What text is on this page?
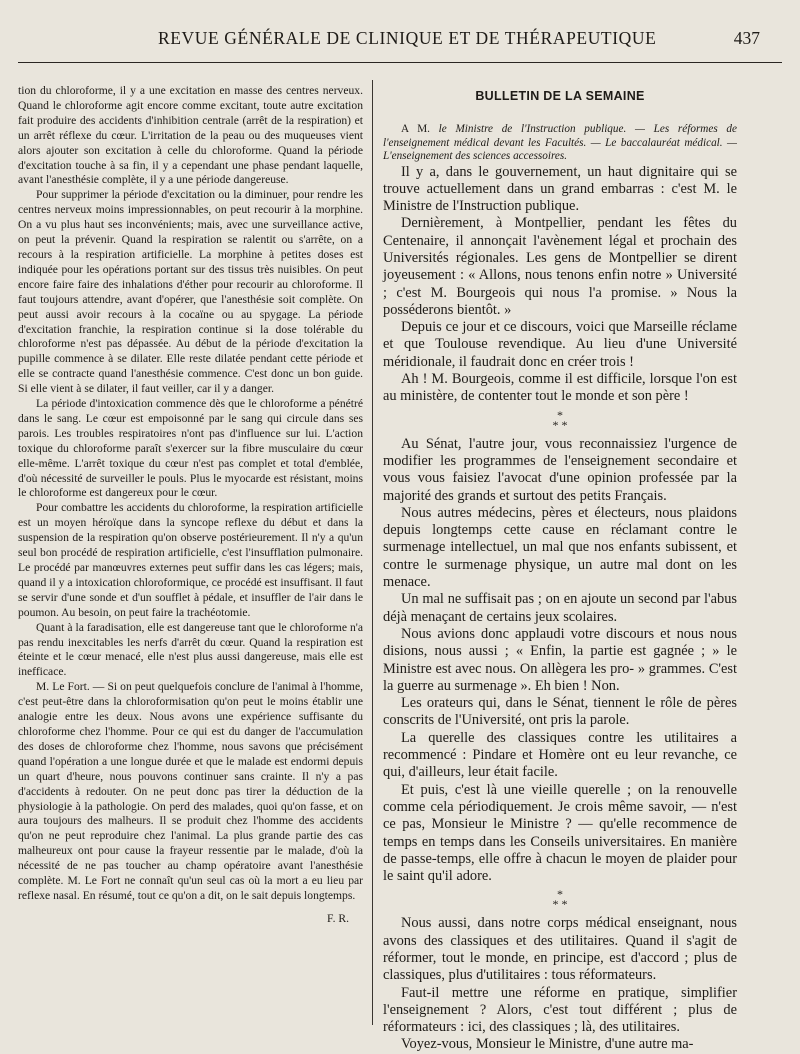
REVUE GÉNÉRALE DE CLINIQUE ET DE THÉRAPEUTIQUE	437

tion du chloroforme, il y a une excitation en masse des centres nerveux. Quand le chloroforme agit encore comme excitant, toute autre excitation fait produire des accidents d'inhibition centrale (arrêt de la respiration) et un arrêt réflexe du cœur. L'irritation de la peau ou des muqueuses vient alors ajouter son excitation à celle du chloroforme. Quand la période d'excitation touche à sa fin, il y a cependant une phase pendant laquelle, avant l'anesthésie complète, il y a une période dangereuse.

Pour supprimer la période d'excitation ou la diminuer, pour rendre les centres nerveux moins impressionnables, on peut recourir à la morphine. On a vu plus haut ses inconvénients; mais, avec une surveillance active, on peut la prévenir. Quand la respiration se ralentit ou s'arrête, on a recours à la respiration artificielle. La morphine à petites doses est indiquée pour les opérations portant sur des tissus très nuisibles. On peut encore faire faire des inhalations d'éther pour recourir au chloroforme. Il faut toujours attendre, avant d'opérer, que l'anesthésie soit complète. On peut aussi avoir recours à la cocaïne ou au spygage. La période d'excitation franchie, la respiration continue si la dose tolérable du chloroforme n'est pas dépassée. Au début de la période d'excitation la pupille commence à se dilater. Elle reste dilatée pendant cette période et elle se contracte quand l'anesthésie commence. C'est donc un bon guide. Si elle vient à se dilater, il faut veiller, car il y a danger.

La période d'intoxication commence dès que le chloroforme a pénétré dans le sang. Le cœur est empoisonné par le sang qui circule dans ses parois. Les troubles respiratoires n'ont pas d'influence sur lui. L'action toxique du chloroforme paraît s'exercer sur la fibre musculaire du cœur elle-même. L'arrêt toxique du cœur n'est pas complet et total d'emblée, d'où nécessité de surveiller le pouls. Plus le myocarde est résistant, moins le chloroforme est dangereux pour le cœur.

Pour combattre les accidents du chloroforme, la respiration artificielle est un moyen héroïque dans la syncope reflexe du début et dans la suspension de la respiration qu'on observe postérieurement. Il n'y a qu'un seul bon procédé de respiration artificielle, c'est l'insufflation pulmonaire. Le procédé par manœuvres externes peut suffir dans les cas légers; mais, quand il y a intoxication chloroformique, ce procédé est insuffisant. Il faut se servir d'une sonde et d'un soufflet à pédale, et insuffler de l'air dans le poumon. Au besoin, on peut faire la trachéotomie.

Quant à la faradisation, elle est dangereuse tant que le chloroforme n'a pas rendu inexcitables les nerfs d'arrêt du cœur. Quand la respiration est éteinte et le cœur menacé, elle n'est plus aussi dangereuse, mais elle est inefficace.

M. Le Fort. — Si on peut quelquefois conclure de l'animal à l'homme, c'est peut-être dans la chloroformisation qu'on peut le moins établir une analogie entre les deux. Nous avons une expérience suffisante du chloroforme chez l'homme. Pour ce qui est du danger de l'accumulation des doses de chloroforme chez l'homme, nous savons que précisément quand l'opération a une longue durée et que le malade est endormi depuis un quart d'heure, nous pouvons continuer sans crainte. Il n'y a pas d'accidents à redouter. On ne peut donc pas tirer la déduction de la physiologie à la pathologie. On perd des malades, quoi qu'on fasse, et on aura toujours des malheurs. Il se produit chez l'homme des accidents qu'on ne peut reproduire chez l'animal. La plus grande partie des cas malheureux ont pour cause la frayeur ressentie par le malade, d'où la nécessité de ne pas toucher au champ opératoire avant l'anesthésie complète. M. Le Fort ne connaît qu'un seul cas où la mort a eu lieu par reflexe nasal. En résumé, tout ce qu'on a dit, on le sait depuis longtemps.

F. R.

BULLETIN DE LA SEMAINE

A M. le Ministre de l'Instruction publique. — Les réformes de l'enseignement médical devant les Facultés. — Le baccalauréat médical. — L'enseignement des sciences accessoires.

Il y a, dans le gouvernement, un haut dignitaire qui se trouve actuellement dans un grand embarras : c'est M. le Ministre de l'Instruction publique.

Dernièrement, à Montpellier, pendant les fêtes du Centenaire, il annonçait l'avènement légal et prochain des Universités régionales. Les gens de Montpellier se dirent joyeusement : « Allons, nous tenons enfin notre » Université ; c'est M. Bourgeois qui nous l'a promise. » Nous la posséderons bientôt. »

Depuis ce jour et ce discours, voici que Marseille réclame et que Toulouse revendique. Au lieu d'une Université méridionale, il faudrait donc en créer trois !

Ah ! M. Bourgeois, comme il est difficile, lorsque l'on est au ministère, de contenter tout le monde et son père !

*
* *

Au Sénat, l'autre jour, vous reconnaissiez l'urgence de modifier les programmes de l'enseignement secondaire et vous vous faisiez l'avocat d'une opinion professée par la majorité des grands et surtout des petits Français.

Nous autres médecins, pères et électeurs, nous plaidons depuis longtemps cette cause en réclamant contre le surmenage intellectuel, un mal que nos enfants subissent, et contre le surmenage physique, un autre mal dont on les menace.

Un mal ne suffisait pas ; on en ajoute un second par l'abus déjà menaçant de certains jeux scolaires.

Nous avions donc applaudi votre discours et nous nous disions, nous aussi ; « Enfin, la partie est gagnée ; » le Ministre est avec nous. On allègera les pro- » grammes. C'est la guerre au surmenage ». Eh bien ! Non.

Les orateurs qui, dans le Sénat, tiennent le rôle de pères conscrits de l'Université, ont pris la parole.

La querelle des classiques contre les utilitaires a recommencé : Pindare et Homère ont eu leur revanche, ce qui, d'ailleurs, leur était facile.

Et puis, c'est là une vieille querelle ; on la renouvelle comme cela périodiquement. Je crois même savoir, — n'est ce pas, Monsieur le Ministre ? — qu'elle recommence de temps en temps dans les Conseils universitaires. En manière de passe-temps, elle offre à chacun le moyen de plaider pour le saint qu'il adore.

*
* *

Nous aussi, dans notre corps médical enseignant, nous avons des classiques et des utilitaires. Quand il s'agit de réformer, tout le monde, en principe, est d'accord ; plus de classiques, plus d'utilitaires : tous réformateurs.

Faut-il mettre une réforme en pratique, simplifier l'enseignement ? Alors, c'est tout différent ; plus de réformateurs : ici, des classiques ; là, des utilitaires.

Voyez-vous, Monsieur le Ministre, d'une autre ma-
